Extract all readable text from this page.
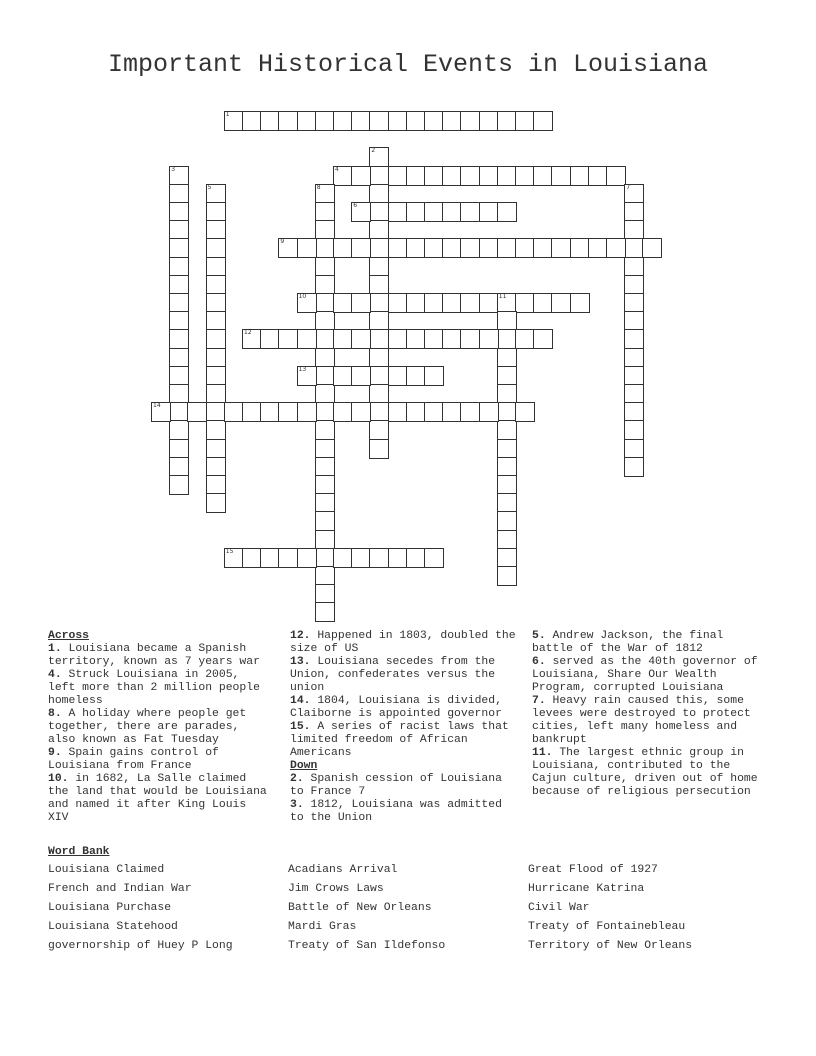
Important Historical Events in Louisiana
1
2
3	4
5	7
8
6
9
10	11
12
13
14
15

Across

1. Louisiana became a Spanish territory, known as 7 years war

4. Struck Louisiana in 2005, left more than 2 million people homeless

8. A holiday where people get together, there are parades, also known as Fat Tuesday

9. Spain gains control of Louisiana from France

10. in 1682, La Salle claimed the land that would be Louisiana and named it after King Louis XIV

12. Happened in 1803, doubled the size of US

13. Louisiana secedes from the Union, confederates versus the union

14. 1804, Louisiana is divided, Claiborne is appointed governor

15. A series of racist laws that limited freedom of African Americans

Down

2. Spanish cession of Louisiana to France 7

3. 1812, Louisiana was admitted to the Union

5. Andrew Jackson, the final battle of the War of 1812

6. served as the 40th governor of Louisiana, Share Our Wealth Program, corrupted Louisiana

7. Heavy rain caused this, some levees were destroyed to protect cities, left many homeless and bankrupt

11. The largest ethnic group in Louisiana, contributed to the Cajun culture, driven out of home because of religious persecution

Word Bank
Louisiana Claimed	Acadians Arrival	Great Flood of 1927
French and Indian War	Jim Crows Laws	Hurricane Katrina
Louisiana Purchase	Battle of New Orleans	Civil War
Louisiana Statehood	Mardi Gras	Treaty of Fontainebleau
governorship of Huey P Long	Treaty of San Ildefonso	Territory of New Orleans
